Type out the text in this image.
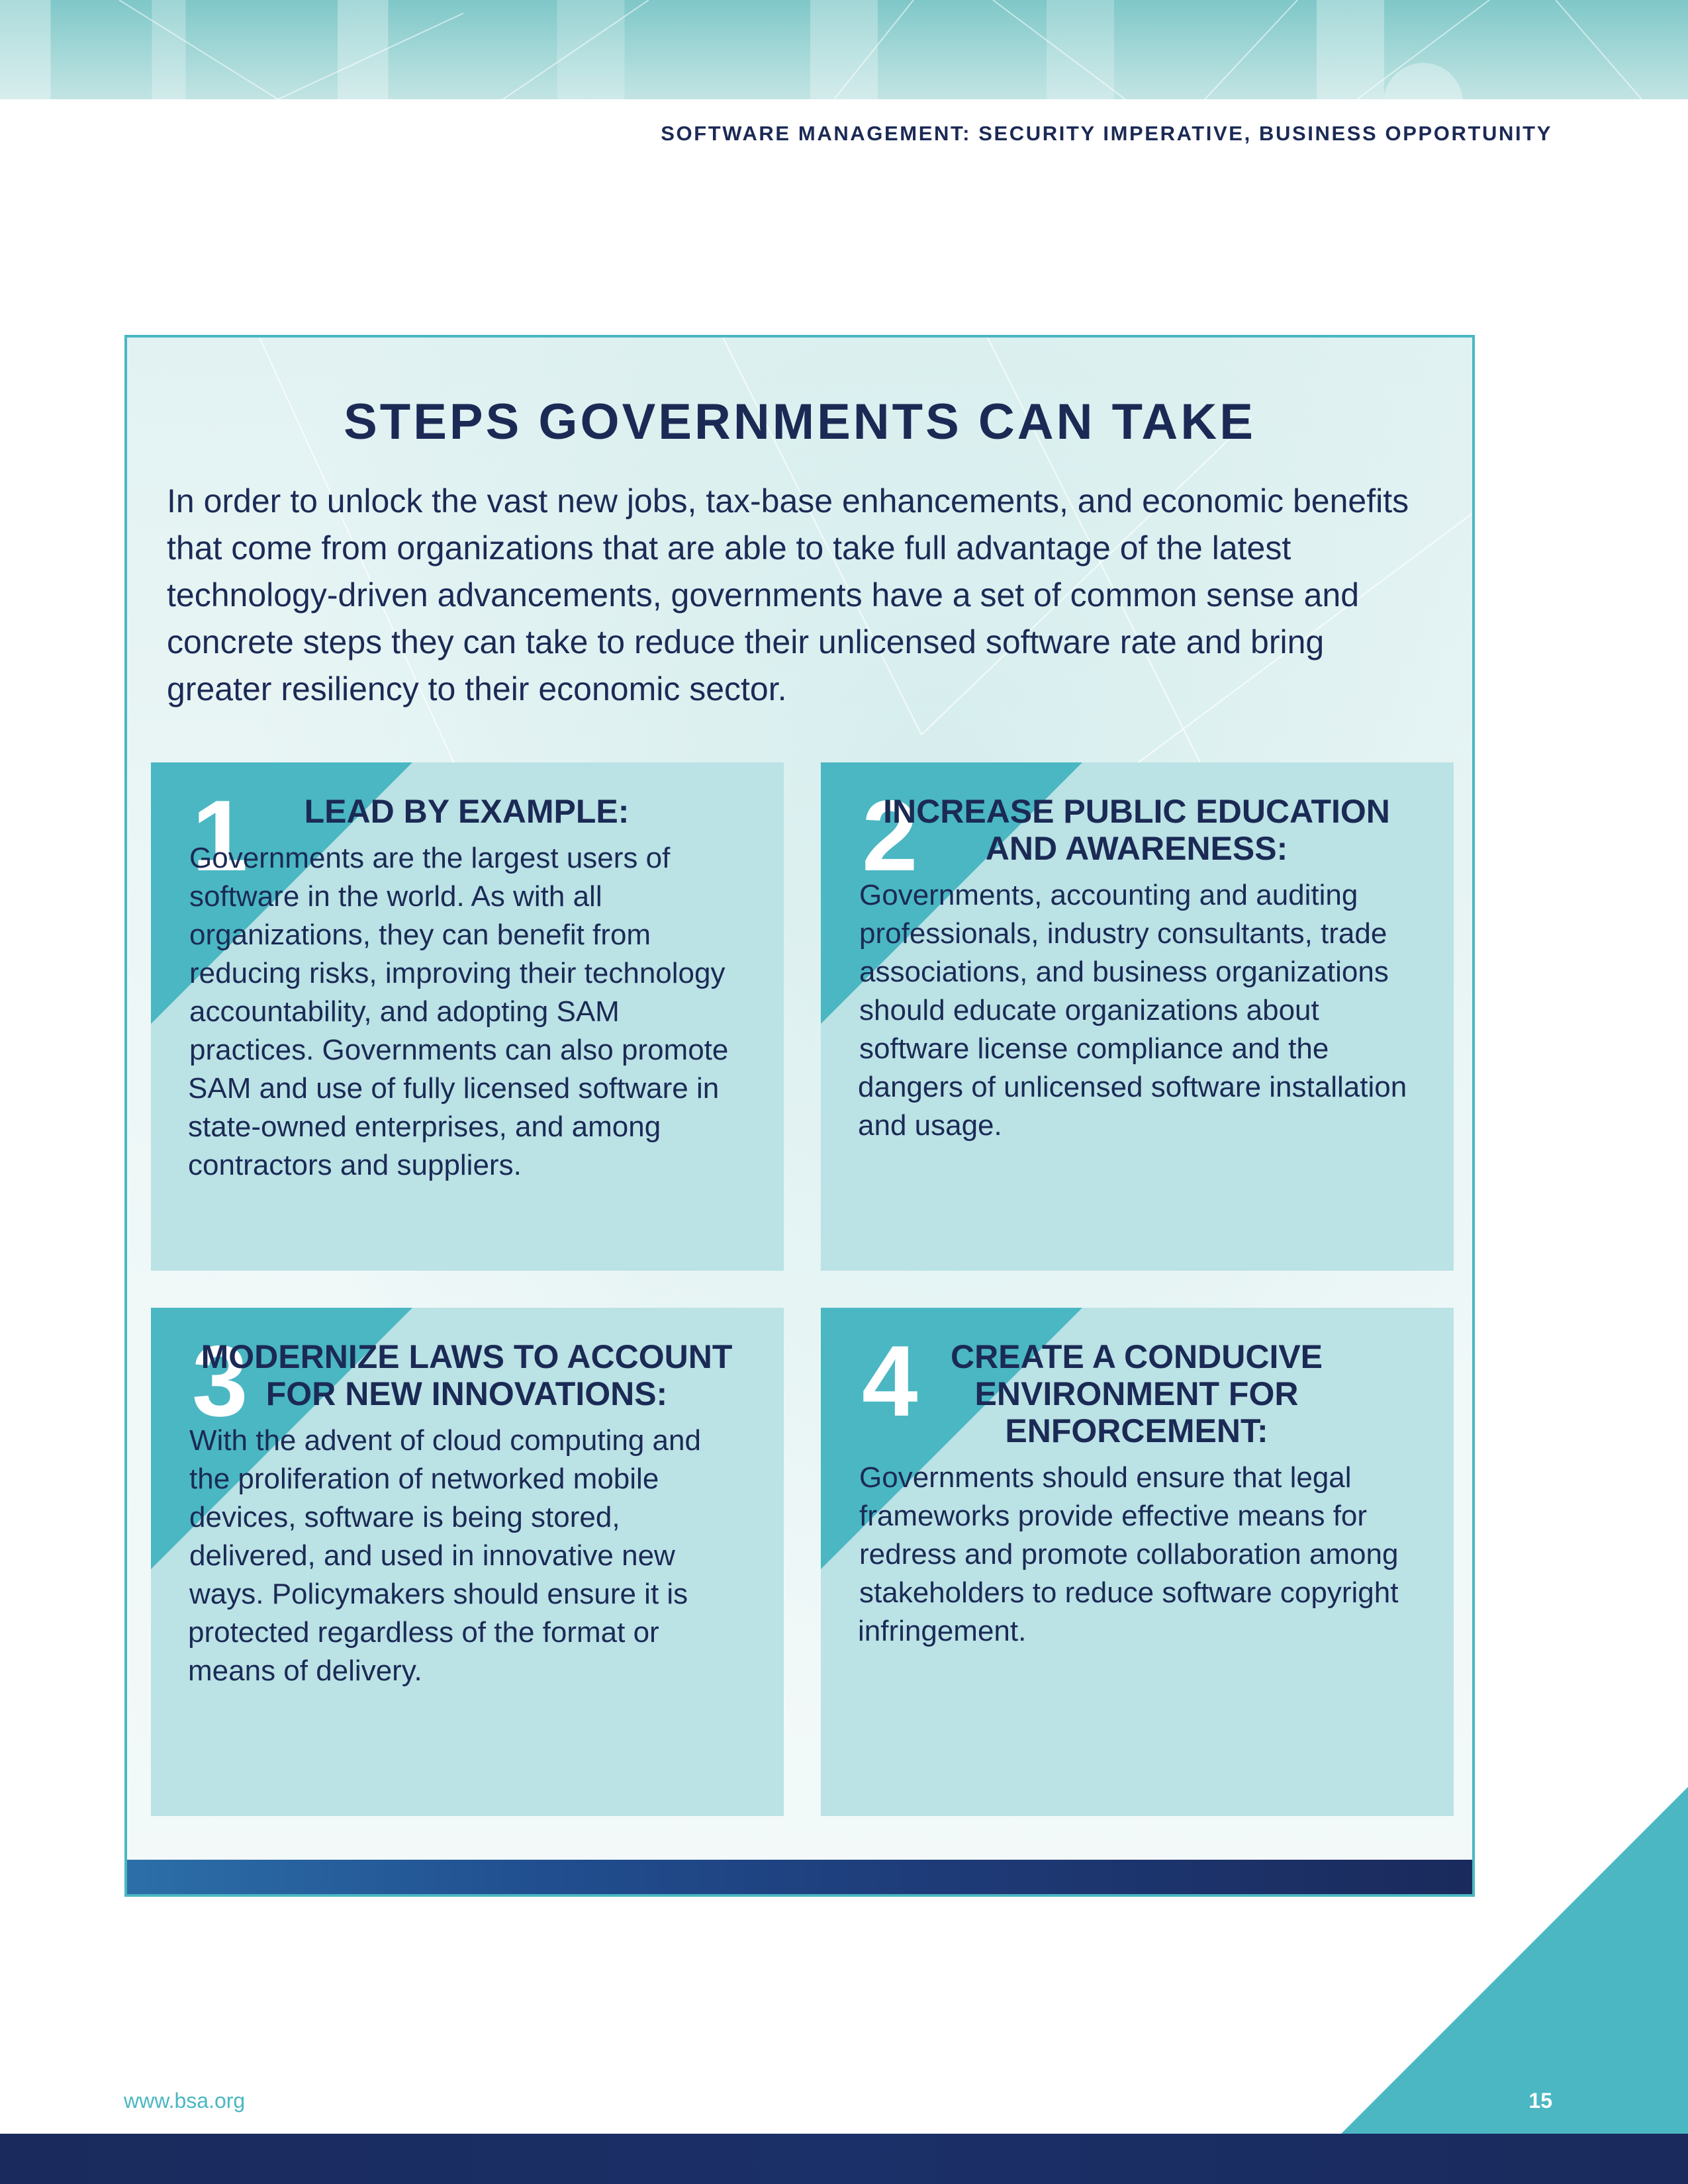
SOFTWARE MANAGEMENT: SECURITY IMPERATIVE, BUSINESS OPPORTUNITY
STEPS GOVERNMENTS CAN TAKE

In order to unlock the vast new jobs, tax-base enhancements, and economic benefits that come from organizations that are able to take full advantage of the latest technology-driven advancements, governments have a set of common sense and concrete steps they can take to reduce their unlicensed software rate and bring greater resiliency to their economic sector.

1	LEAD BY EXAMPLE:

Governments are the largest users of software in the world. As with all organizations, they can benefit from reducing risks, improving their technology accountability, and adopting SAM practices. Governments can also promote SAM and use of fully licensed software in state-owned enterprises, and among contractors and suppliers.

2
INCREASE PUBLIC EDUCATION AND AWARENESS:

Governments, accounting and auditing professionals, industry consultants, trade associations, and business organizations should educate organizations about software license compliance and the dangers of unlicensed software installation and usage.

3
MODERNIZE LAWS TO ACCOUNT FOR NEW INNOVATIONS:

With the advent of cloud computing and the proliferation of networked mobile devices, software is being stored, delivered, and used in innovative new ways. Policymakers should ensure it is protected regardless of the format or means of delivery.

4 CREATE A CONDUCIVE ENVIRONMENT FOR ENFORCEMENT:

Governments should ensure that legal frameworks provide effective means for redress and promote collaboration among stakeholders to reduce software copyright infringement.

www.bsa.org	15
